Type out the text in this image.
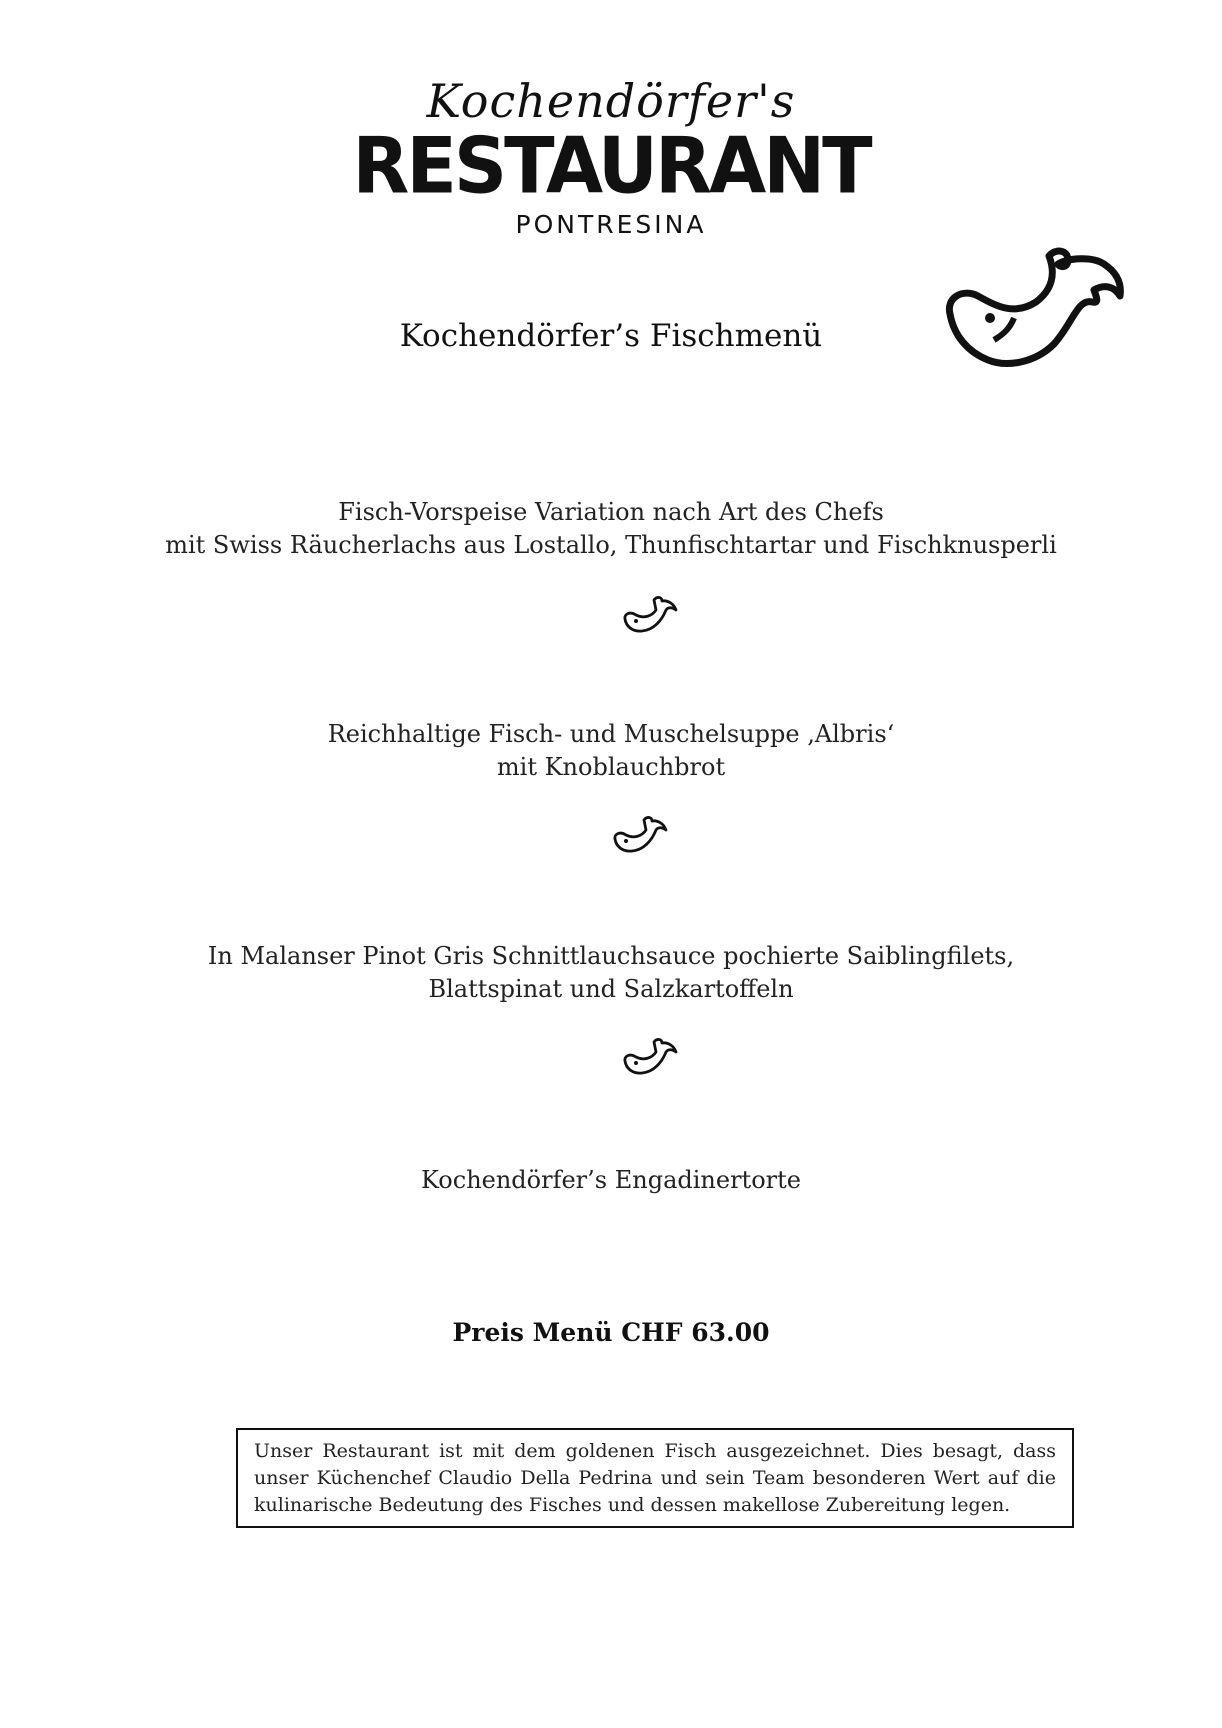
Kochendörfer's
RESTAURANT
PONTRESINA
Kochendörfer’s Fischmenü
Fisch-Vorspeise Variation nach Art des Chefs
mit Swiss Räucherlachs aus Lostallo, Thunfischtartar und Fischknusperli
Reichhaltige Fisch- und Muschelsuppe ‚Albris‘
mit Knoblauchbrot
In Malanser Pinot Gris Schnittlauchsauce pochierte Saiblingfilets,
Blattspinat und Salzkartoffeln
Kochendörfer’s Engadinertorte
Preis Menü CHF 63.00
Unser Restaurant ist mit dem goldenen Fisch ausgezeichnet. Dies besagt, dass unser Küchenchef Claudio Della Pedrina und sein Team besonderen Wert auf die kulinarische Bedeutung des Fisches und dessen makellose Zubereitung legen.
